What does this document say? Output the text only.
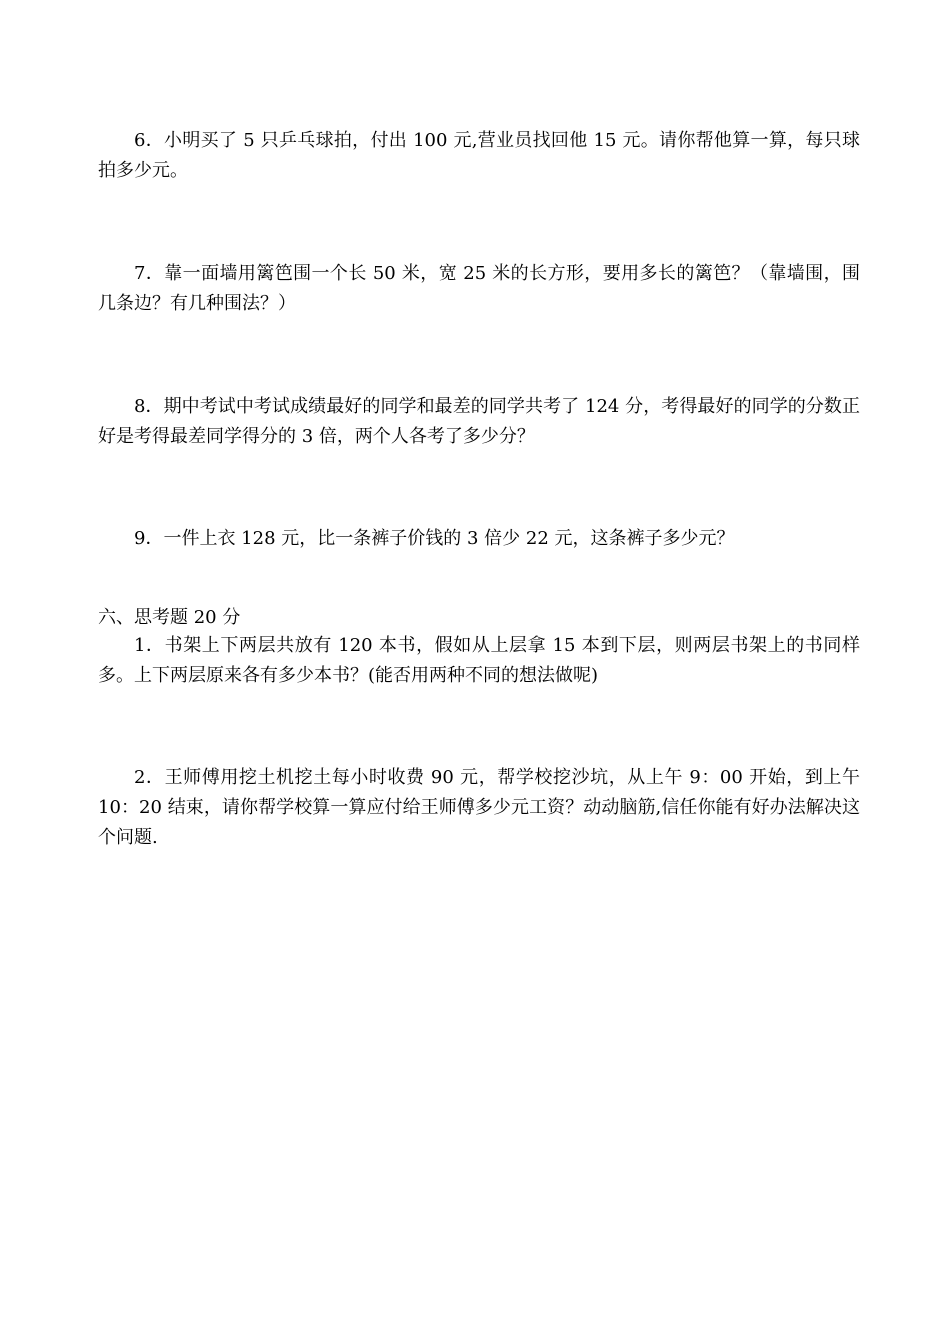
6．小明买了 5 只乒乓球拍，付出 100 元,营业员找回他 15 元。请你帮他算一算，每只球拍多少元。

7．靠一面墙用篱笆围一个长 50 米，宽 25 米的长方形，要用多长的篱笆？（靠墙围，围几条边？有几种围法？）

8．期中考试中考试成绩最好的同学和最差的同学共考了 124 分，考得最好的同学的分数正好是考得最差同学得分的 3 倍，两个人各考了多少分？

9．一件上衣 128 元，比一条裤子价钱的 3 倍少 22 元，这条裤子多少元？

六、思考题 20 分

1．书架上下两层共放有 120 本书，假如从上层拿 15 本到下层，则两层书架上的书同样多。上下两层原来各有多少本书？(能否用两种不同的想法做呢)

2．王师傅用挖土机挖土每小时收费 90 元，帮学校挖沙坑，从上午 9：00 开始，到上午 10：20 结束，请你帮学校算一算应付给王师傅多少元工资？动动脑筋,信任你能有好办法解决这个问题.
